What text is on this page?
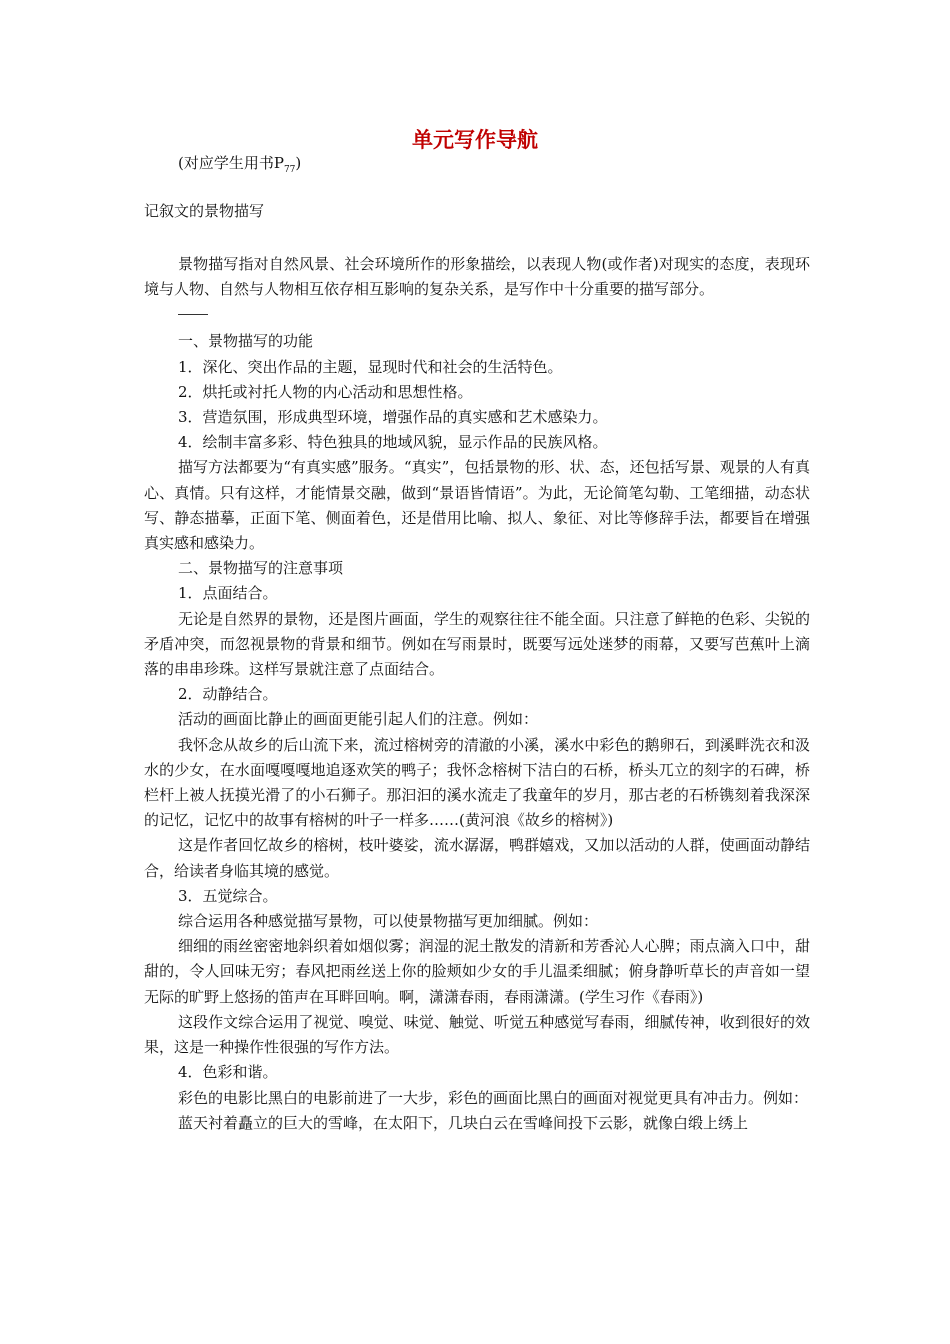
单元写作导航
(对应学生用书$P_{77}$)
记叙文的景物描写

景物描写指对自然风景、社会环境所作的形象描绘，以表现人物(或作者)对现实的态度，表现环境与人物、自然与人物相互依存相互影响的复杂关系，是写作中十分重要的描写部分。

一、景物描写的功能

1．深化、突出作品的主题，显现时代和社会的生活特色。

2．烘托或衬托人物的内心活动和思想性格。

3．营造氛围，形成典型环境，增强作品的真实感和艺术感染力。

4．绘制丰富多彩、特色独具的地域风貌，显示作品的民族风格。

描写方法都要为“有真实感”服务。“真实”，包括景物的形、状、态，还包括写景、观景的人有真心、真情。只有这样，才能情景交融，做到“景语皆情语”。为此，无论简笔勾勒、工笔细描，动态状写、静态描摹，正面下笔、侧面着色，还是借用比喻、拟人、象征、对比等修辞手法，都要旨在增强真实感和感染力。

二、景物描写的注意事项

1．点面结合。

无论是自然界的景物，还是图片画面，学生的观察往往不能全面。只注意了鲜艳的色彩、尖锐的矛盾冲突，而忽视景物的背景和细节。例如在写雨景时，既要写远处迷梦的雨幕，又要写芭蕉叶上滴落的串串珍珠。这样写景就注意了点面结合。

2．动静结合。

活动的画面比静止的画面更能引起人们的注意。例如：

我怀念从故乡的后山流下来，流过榕树旁的清澈的小溪，溪水中彩色的鹅卵石，到溪畔洗衣和汲水的少女，在水面嘎嘎嘎地追逐欢笑的鸭子；我怀念榕树下洁白的石桥，桥头兀立的刻字的石碑，桥栏杆上被人抚摸光滑了的小石狮子。那汩汩的溪水流走了我童年的岁月，那古老的石桥镌刻着我深深的记忆，记忆中的故事有榕树的叶子一样多……(黄河浪《故乡的榕树》)

这是作者回忆故乡的榕树，枝叶婆娑，流水潺潺，鸭群嬉戏，又加以活动的人群，使画面动静结合，给读者身临其境的感觉。

3．五觉综合。

综合运用各种感觉描写景物，可以使景物描写更加细腻。例如：

细细的雨丝密密地斜织着如烟似雾；润湿的泥土散发的清新和芳香沁人心脾；雨点滴入口中，甜甜的，令人回味无穷；春风把雨丝送上你的脸颊如少女的手儿温柔细腻；俯身静听草长的声音如一望无际的旷野上悠扬的笛声在耳畔回响。啊，潇潇春雨，春雨潇潇。(学生习作《春雨》)

这段作文综合运用了视觉、嗅觉、味觉、触觉、听觉五种感觉写春雨，细腻传神，收到很好的效果，这是一种操作性很强的写作方法。

4．色彩和谐。

彩色的电影比黑白的电影前进了一大步，彩色的画面比黑白的画面对视觉更具有冲击力。例如：

蓝天衬着矗立的巨大的雪峰，在太阳下，几块白云在雪峰间投下云影，就像白缎上绣上
